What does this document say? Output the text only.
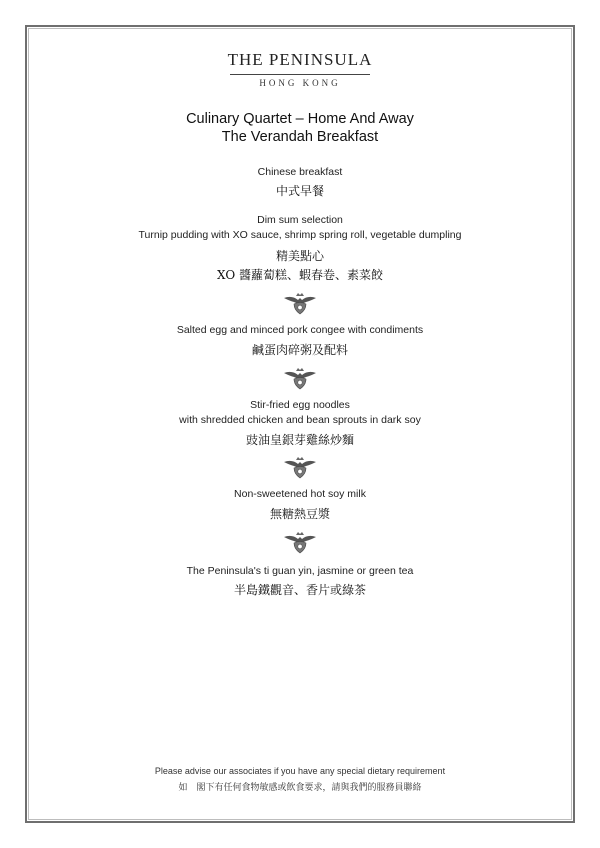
THE PENINSULA
HONG KONG
Culinary Quartet – Home And Away
The Verandah Breakfast
Chinese breakfast
中式早餐
Dim sum selection
Turnip pudding with XO sauce, shrimp spring roll, vegetable dumpling
精美點心
XO 醬蘿蔔糕、蝦春卷、素菜餃
Salted egg and minced pork congee with condiments
鹹蛋肉碎粥及配料
Stir-fried egg noodles
with shredded chicken and bean sprouts in dark soy
豉油皇銀芽雞絲炒麵
Non-sweetened hot soy milk
無糖熱豆漿
The Peninsula's ti guan yin, jasmine or green tea
半島鐵觀音、香片或綠茶
Please advise our associates if you have any special dietary requirement
如　閣下有任何食物敏感或飲食要求，請與我們的服務員聯絡
